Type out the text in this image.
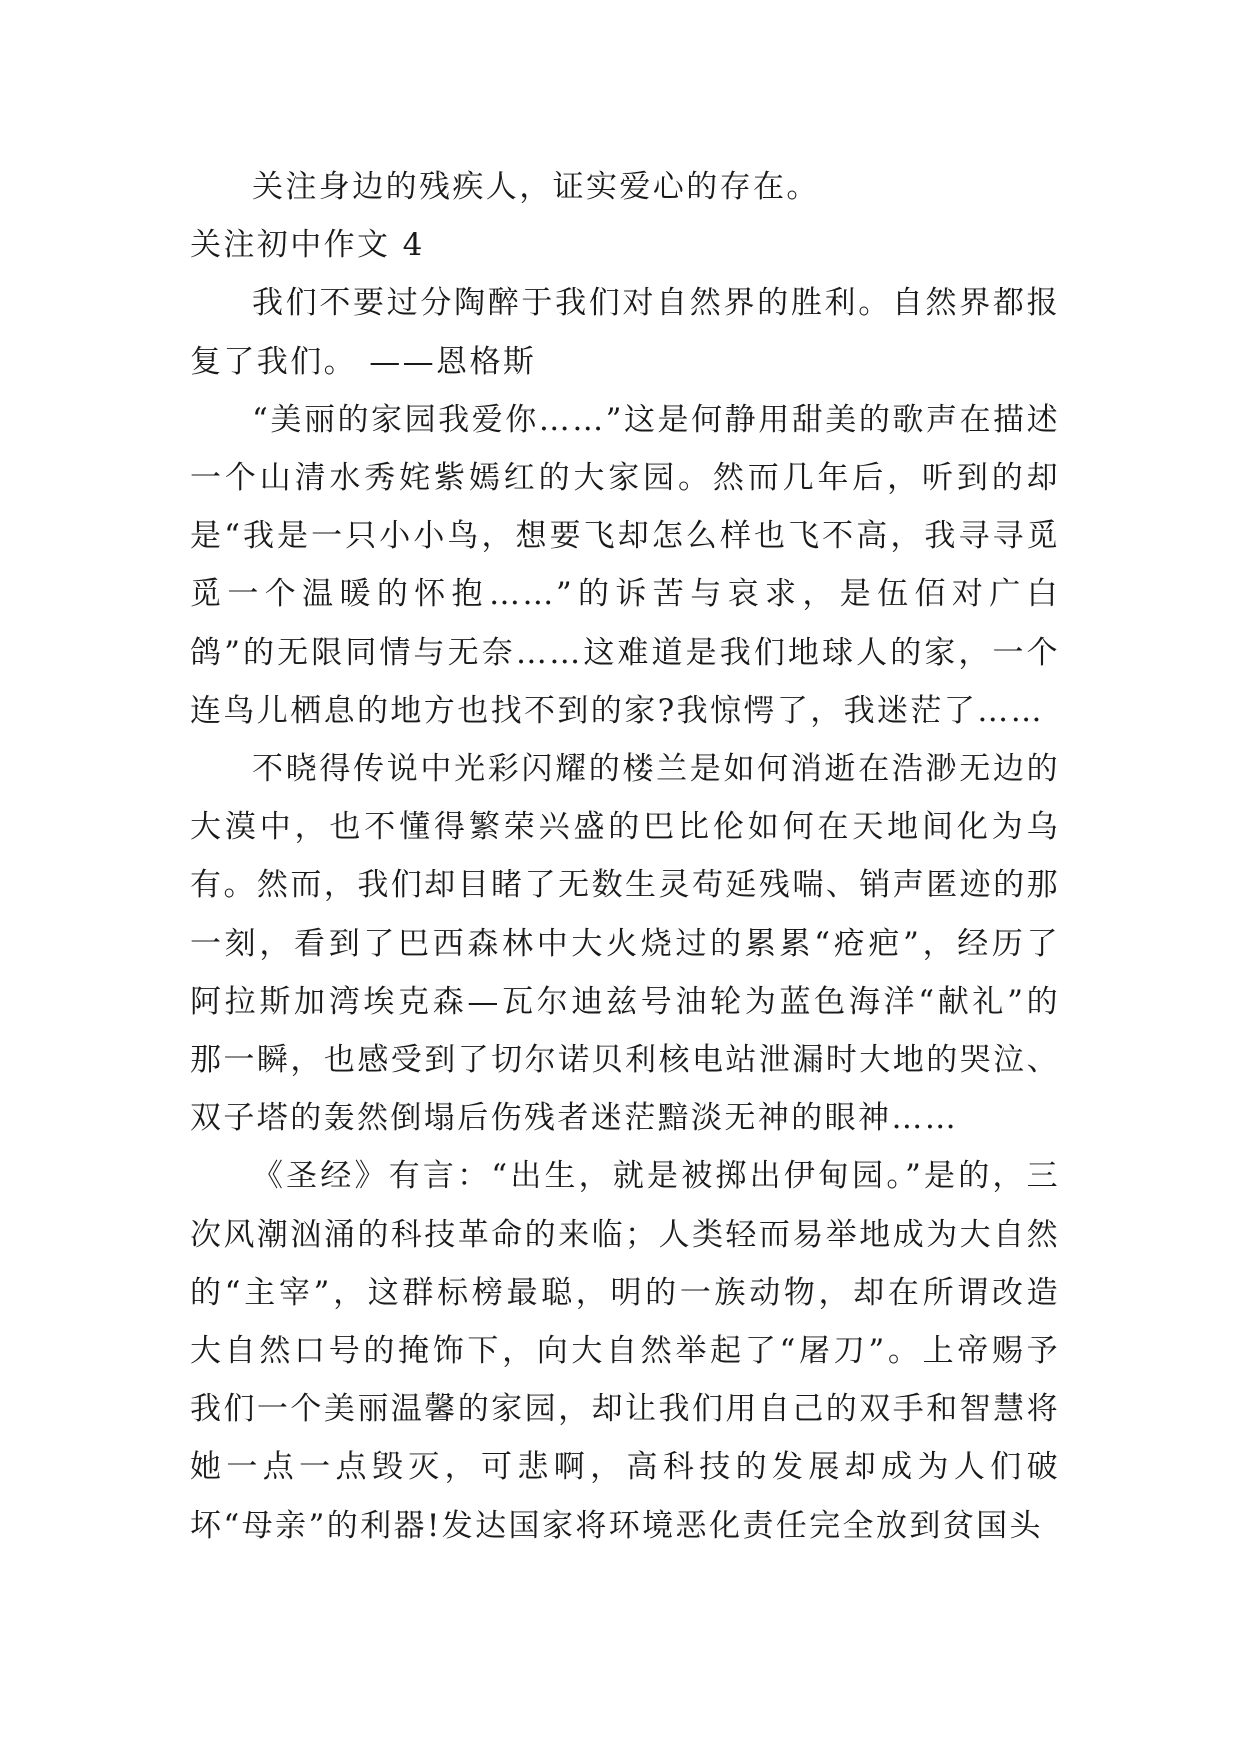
关注身边的残疾人，证实爱心的存在。

关注初中作文 4

我们不要过分陶醉于我们对自然界的胜利。自然界都报复了我们。 ——恩格斯

“美丽的家园我爱你……”这是何静用甜美的歌声在描述一个山清水秀姹紫嫣红的大家园。然而几年后，听到的却是“我是一只小小鸟，想要飞却怎么样也飞不高，我寻寻觅觅一个温暖的怀抱……”的诉苦与哀求，是伍佰对广白鸽”的无限同情与无奈……这难道是我们地球人的家，一个连鸟儿栖息的地方也找不到的家?我惊愕了，我迷茫了……

不晓得传说中光彩闪耀的楼兰是如何消逝在浩渺无边的大漠中，也不懂得繁荣兴盛的巴比伦如何在天地间化为乌有。然而，我们却目睹了无数生灵苟延残喘、销声匿迹的那一刻，看到了巴西森林中大火烧过的累累“疮疤”，经历了阿拉斯加湾埃克森—瓦尔迪兹号油轮为蓝色海洋“献礼”的那一瞬，也感受到了切尔诺贝利核电站泄漏时大地的哭泣、双子塔的轰然倒塌后伤残者迷茫黯淡无神的眼神……

《圣经》有言：“出生，就是被掷出伊甸园。”是的，三次风潮汹涌的科技革命的来临；人类轻而易举地成为大自然的“主宰”，这群标榜最聪，明的一族动物，却在所谓改造大自然口号的掩饰下，向大自然举起了“屠刀”。上帝赐予我们一个美丽温馨的家园，却让我们用自己的双手和智慧将她一点一点毁灭，可悲啊，高科技的发展却成为人们破坏“母亲”的利器!发达国家将环境恶化责任完全放到贫国头
